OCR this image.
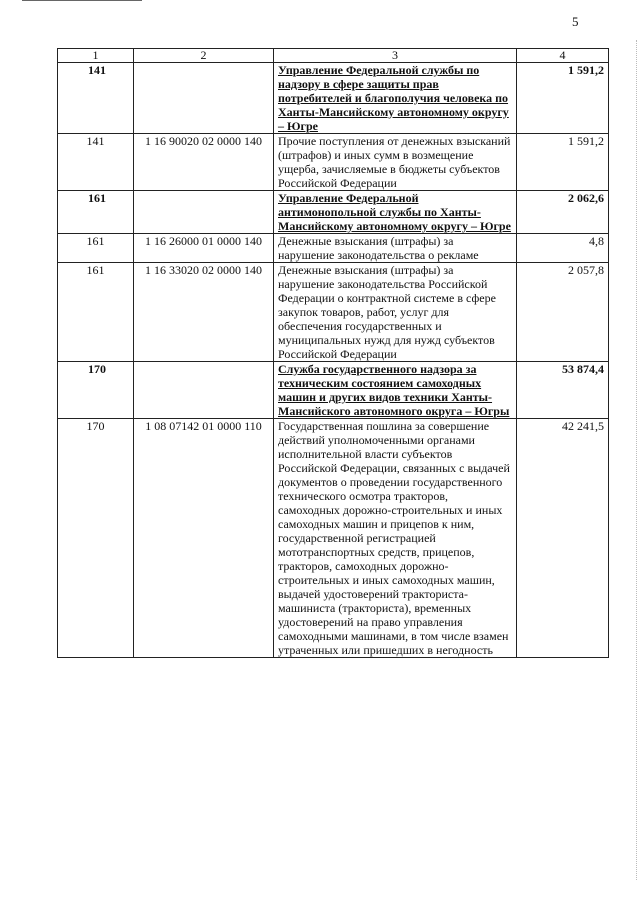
5
1	2	3	4
141		Управление Федеральной службы по надзору в сфере защиты прав потребителей и благополучия человека по Ханты-Мансийскому автономному округу – Югре	1 591,2
141	1 16 90020 02 0000 140	Прочие поступления от денежных взысканий (штрафов) и иных сумм в возмещение ущерба, зачисляемые в бюджеты субъектов Российской Федерации	1 591,2
161		Управление Федеральной антимонопольной службы по Ханты-Мансийскому автономному округу – Югре	2 062,6
161	1 16 26000 01 0000 140	Денежные взыскания (штрафы) за нарушение законодательства о рекламе	4,8
161	1 16 33020 02 0000 140	Денежные взыскания (штрафы) за нарушение законодательства Российской Федерации о контрактной системе в сфере закупок товаров, работ, услуг для обеспечения государственных и муниципальных нужд для нужд субъектов Российской Федерации	2 057,8
170		Служба государственного надзора за техническим состоянием самоходных машин и других видов техники Ханты-Мансийского автономного округа – Югры	53 874,4
170	1 08 07142 01 0000 110	Государственная пошлина за совершение действий уполномоченными органами исполнительной власти субъектов Российской Федерации, связанных с выдачей документов о проведении государственного технического осмотра тракторов, самоходных дорожно-строительных и иных самоходных машин и прицепов к ним, государственной регистрацией мототранспортных средств, прицепов, тракторов, самоходных дорожно-строительных и иных самоходных машин, выдачей удостоверений тракториста-машиниста (тракториста), временных удостоверений на право управления самоходными машинами, в том числе взамен утраченных или пришедших в негодность	42 241,5
